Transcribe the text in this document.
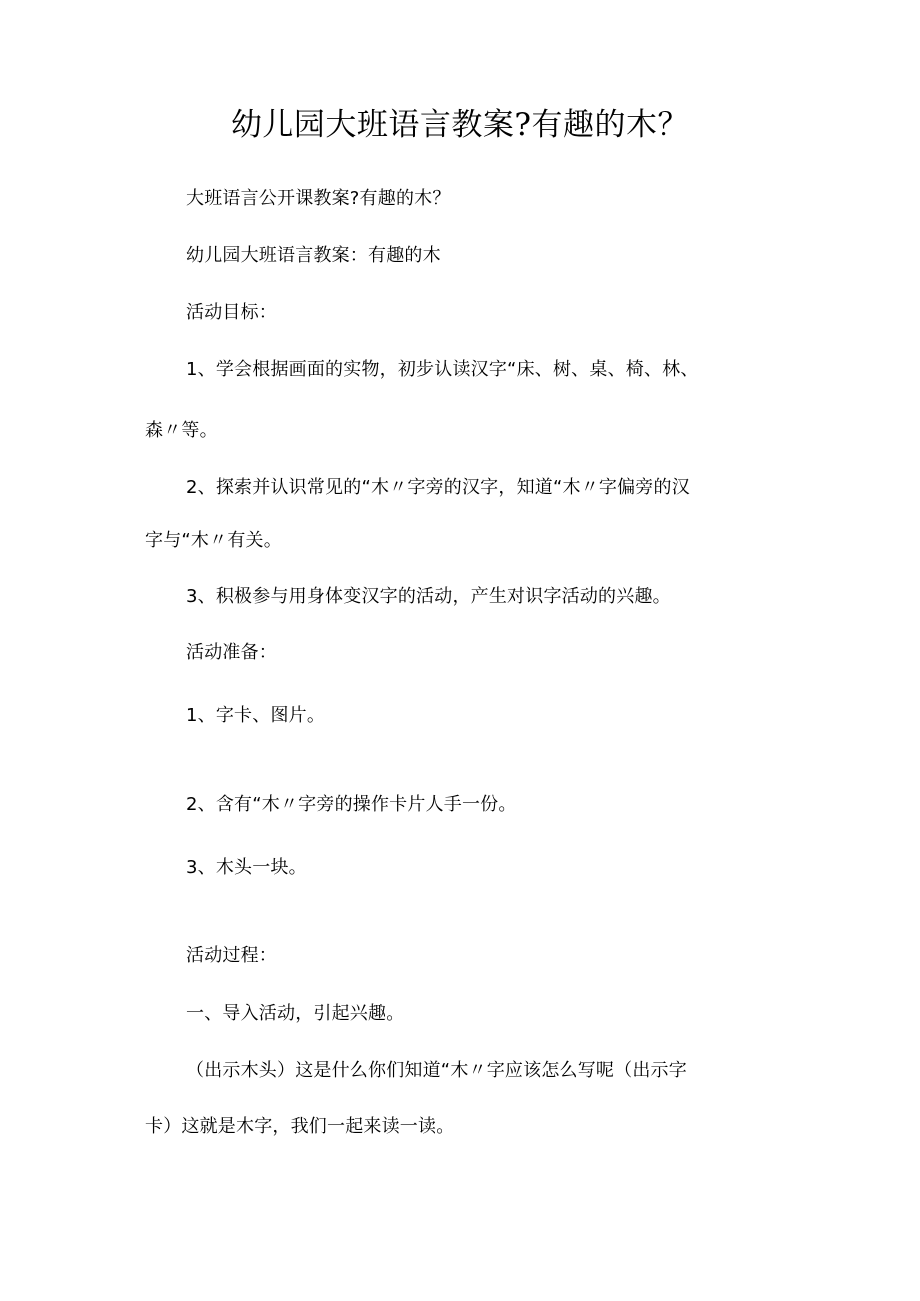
幼儿园大班语言教案?有趣的木？
大班语言公开课教案?有趣的木？
幼儿园大班语言教案：有趣的木
活动目标：
1、学会根据画面的实物，初步认读汉字“床、树、桌、椅、林、
森〃等。
2、探索并认识常见的“木〃字旁的汉字，知道“木〃字偏旁的汉
字与“木〃有关。
3、积极参与用身体变汉字的活动，产生对识字活动的兴趣。
活动准备：
1、字卡、图片。
2、含有“木〃字旁的操作卡片人手一份。
3、木头一块。
活动过程：
一、导入活动，引起兴趣。
（出示木头）这是什么你们知道“木〃字应该怎么写呢（出示字
卡）这就是木字，我们一起来读一读。
